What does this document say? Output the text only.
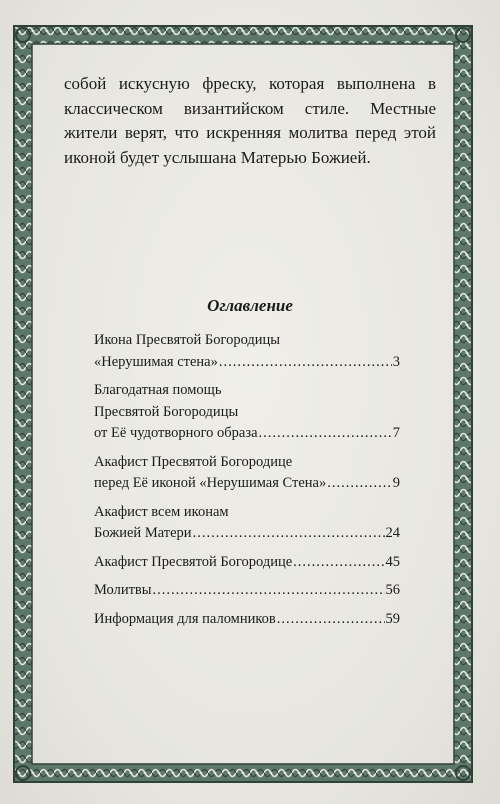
собой искусную фреску, которая выполнена в классическом византийском стиле. Местные жители верят, что искренняя молитва перед этой иконой будет услышана Матерью Божией.
Оглавление
Икона Пресвятой Богородицы
«Нерушимая стена» .....	3
Благодатная помощь
Пресвятой Богородицы
от Её чудотворного образа .....	7
Акафист Пресвятой Богородице
перед Её иконой «Нерушимая Стена» .....	9
Акафист всем иконам
Божией Матери .....	24
Акафист Пресвятой Богородице .....	45
Молитвы .....	56
Информация для паломников .....	59
